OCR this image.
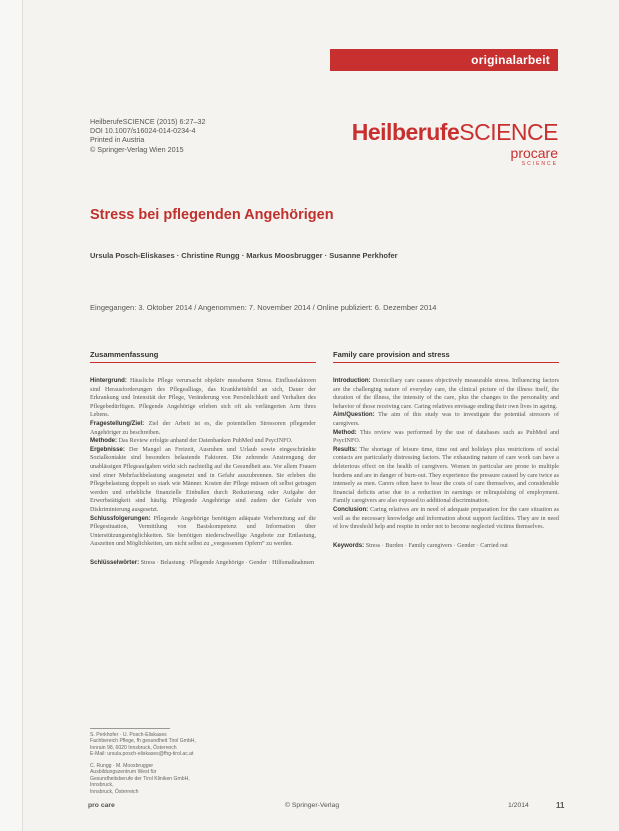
originalarbeit
HeilberufeSCIENCE (2015) 6:27–32
DOI 10.1007/s16024-014-0234-4
Printed in Austria
© Springer-Verlag Wien 2015
HeilberufeSCIENCE
procare
SCIENCE
Stress bei pflegenden Angehörigen
Ursula Posch-Eliskases · Christine Rungg · Markus Moosbrugger · Susanne Perkhofer
Eingegangen: 3. Oktober 2014 / Angenommen: 7. November 2014 / Online publiziert: 6. Dezember 2014
Zusammenfassung

Hintergrund: Häusliche Pflege verursacht objektiv messbaren Stress. Einflussfaktoren sind Herausforderungen des Pflegealltags, das Krankheitsbild an sich, Dauer der Erkrankung und Intensität der Pflege, Veränderung von Persönlichkeit und Verhalten des Pflegebedürftigen. Pflegende Angehörige erleben sich oft als verlängerten Arm ihres Lebens.

Fragestellung/Ziel: Ziel der Arbeit ist es, die potentiellen Stressoren pflegender Angehöriger zu beschreiben.

Methode: Das Review erfolgte anhand der Datenbanken PubMed und PsycINFO.

Ergebnisse: Der Mangel an Freizeit, Ausruhen und Urlaub sowie eingeschränkte Sozialkontakte sind besonders belastende Faktoren. Die zehrende Anstrengung der unablässigen Pflegeaufgaben wirkt sich nachteilig auf die Gesundheit aus. Vor allem Frauen sind einer Mehrfachbelastung ausgesetzt und in Gefahr auszubrennen. Sie erleben die Pflegebelastung doppelt so stark wie Männer. Kosten der Pflege müssen oft selbst getragen werden und erhebliche finanzielle Einbußen durch Reduzierung oder Aufgabe der Erwerbstätigkeit sind häufig. Pflegende Angehörige sind zudem der Gefahr von Diskriminierung ausgesetzt.

Schlussfolgerungen: Pflegende Angehörige benötigen adäquate Vorbereitung auf die Pflegesituation, Vermittlung von Basiskompetenz und Information über Unterstützungsmöglichkeiten. Sie benötigen niederschwellige Angebote zur Entlastung, Auszeiten und Möglichkeiten, um nicht selbst zu „vergessenen Opfern“ zu werden.

Schlüsselwörter: Stress · Belastung · Pflegende Angehörige · Gender · Hilfsmaßnahmen
Family care provision and stress

Introduction: Domiciliary care causes objectively measurable stress. Influencing factors are the challenging nature of everyday care, the clinical picture of the illness itself, the duration of the illness, the intensity of the care, plus the changes to the personality and behavior of those receiving care. Caring relatives envisage ending their own lives in ageing.

Aim/Question: The aim of this study was to investigate the potential stressors of caregivers.

Method: This review was performed by the use of databases such as PubMed and PsycINFO.

Results: The shortage of leisure time, time out and holidays plus restrictions of social contacts are particularly distressing factors. The exhausting nature of care work can have a deleterious effect on the health of caregivers. Women in particular are prone to multiple burdens and are in danger of burn-out. They experience the pressure caused by care twice as intensely as men. Carers often have to bear the costs of care themselves, and considerable financial deficits arise due to a reduction in earnings or relinquishing of employment. Family caregivers are also exposed to additional discrimination.

Conclusion: Caring relatives are in need of adequate preparation for the care situation as well as the necessary knowledge and information about support facilities. They are in need of low threshold help and respite in order not to become neglected victims themselves.

Keywords: Stress · Burden · Family caregivers · Gender · Carried out
S. Perkhofer · U. Posch-Eliskases
Fachbereich Pflege, fh gesundheit Tirol GmbH,
Innrain 98, 6020 Innsbruck, Österreich
E-Mail: ursula.posch-eliskases@fhg-tirol.ac.at
C. Rungg · M. Moosbrugger
Ausbildungszentrum West für
Gesundheitsberufe der Tirol Kliniken GmbH,
Innsbruck,
Innsbruck, Österreich
pro care	© Springer-Verlag	1/2014	11
